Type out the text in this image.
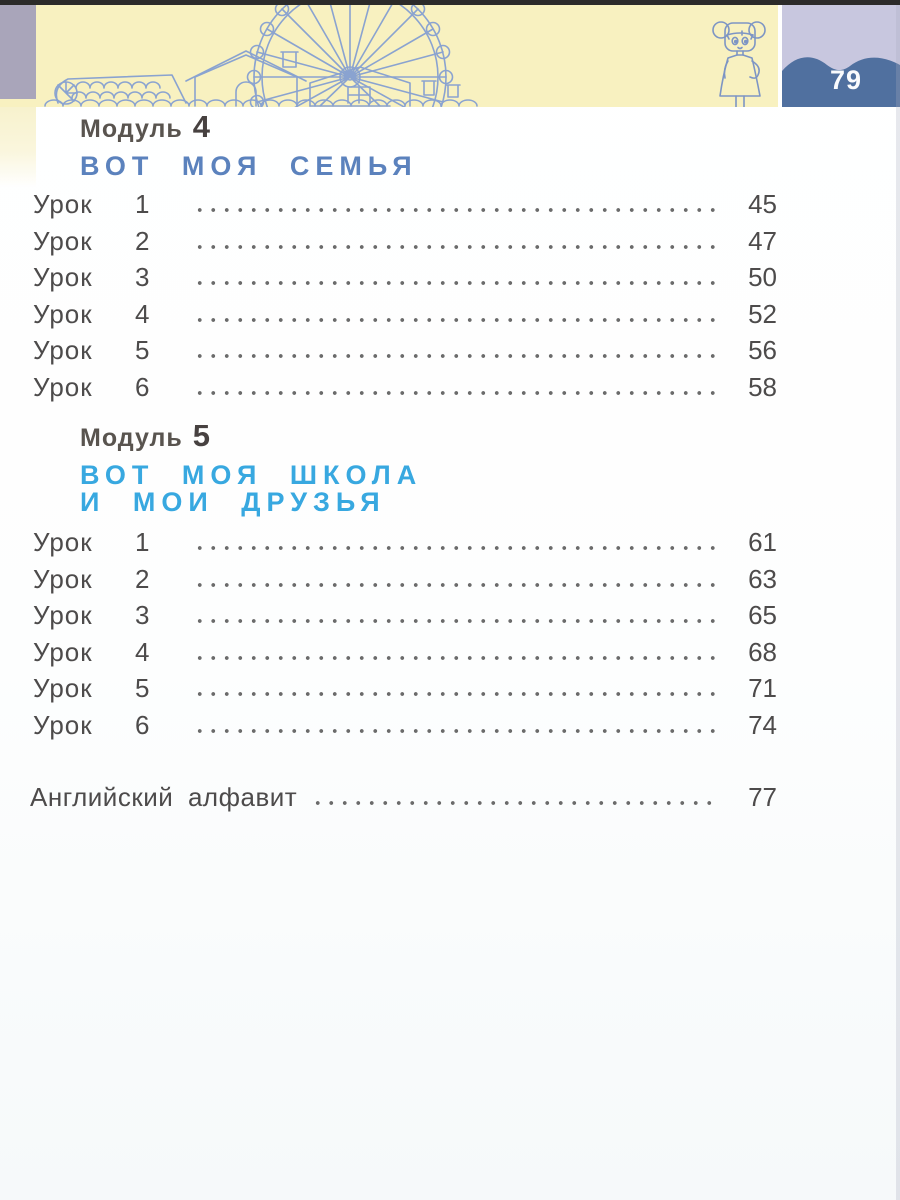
79
Модуль 4
ВОТ МОЯ СЕМЬЯ
Урок	1	45
Урок	2	47
Урок	3	50
Урок	4	52
Урок	5	56
Урок	6	58
Модуль 5
ВОТ МОЯ ШКОЛА
И МОИ ДРУЗЬЯ
Урок	1	61
Урок	2	63
Урок	3	65
Урок	4	68
Урок	5	71
Урок	6	74
Английский алфавит	77
